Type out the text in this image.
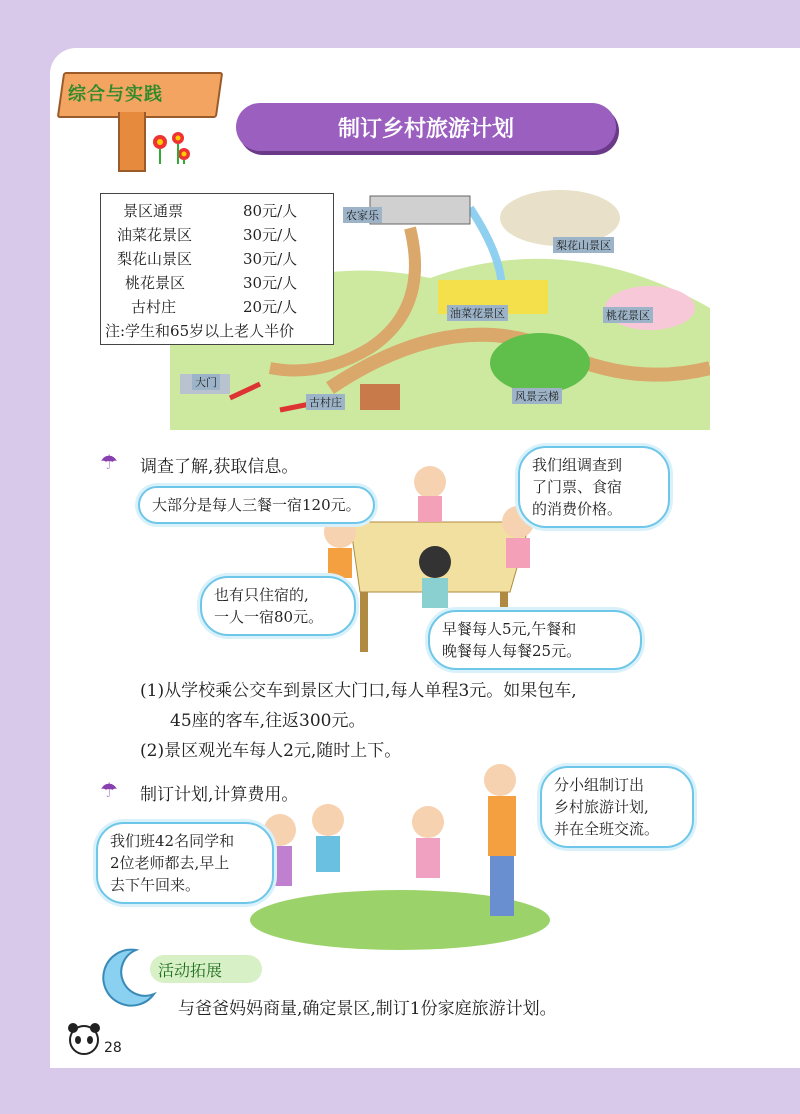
综合与实践
制订乡村旅游计划
农家乐
梨花山景区
油菜花景区	桃花景区
大门
古村庄	风景云梯
景区通票	80元/人
油菜花景区	30元/人
梨花山景区	30元/人
桃花景区	30元/人
古村庄	20元/人
注:学生和65岁以上老人半价
☂ 调查了解,获取信息。
大部分是每人三餐一宿120元。
我们组调查到
了门票、食宿
的消费价格。
也有只住宿的,
一人一宿80元。
早餐每人5元,午餐和
晚餐每人每餐25元。
(1)从学校乘公交车到景区大门口,每人单程3元。如果包车,
45座的客车,往返300元。
(2)景区观光车每人2元,随时上下。
☂ 制订计划,计算费用。
我们班42名同学和
2位老师都去,早上
去下午回来。
分小组制订出
乡村旅游计划,
并在全班交流。
活动拓展
与爸爸妈妈商量,确定景区,制订1份家庭旅游计划。
28
